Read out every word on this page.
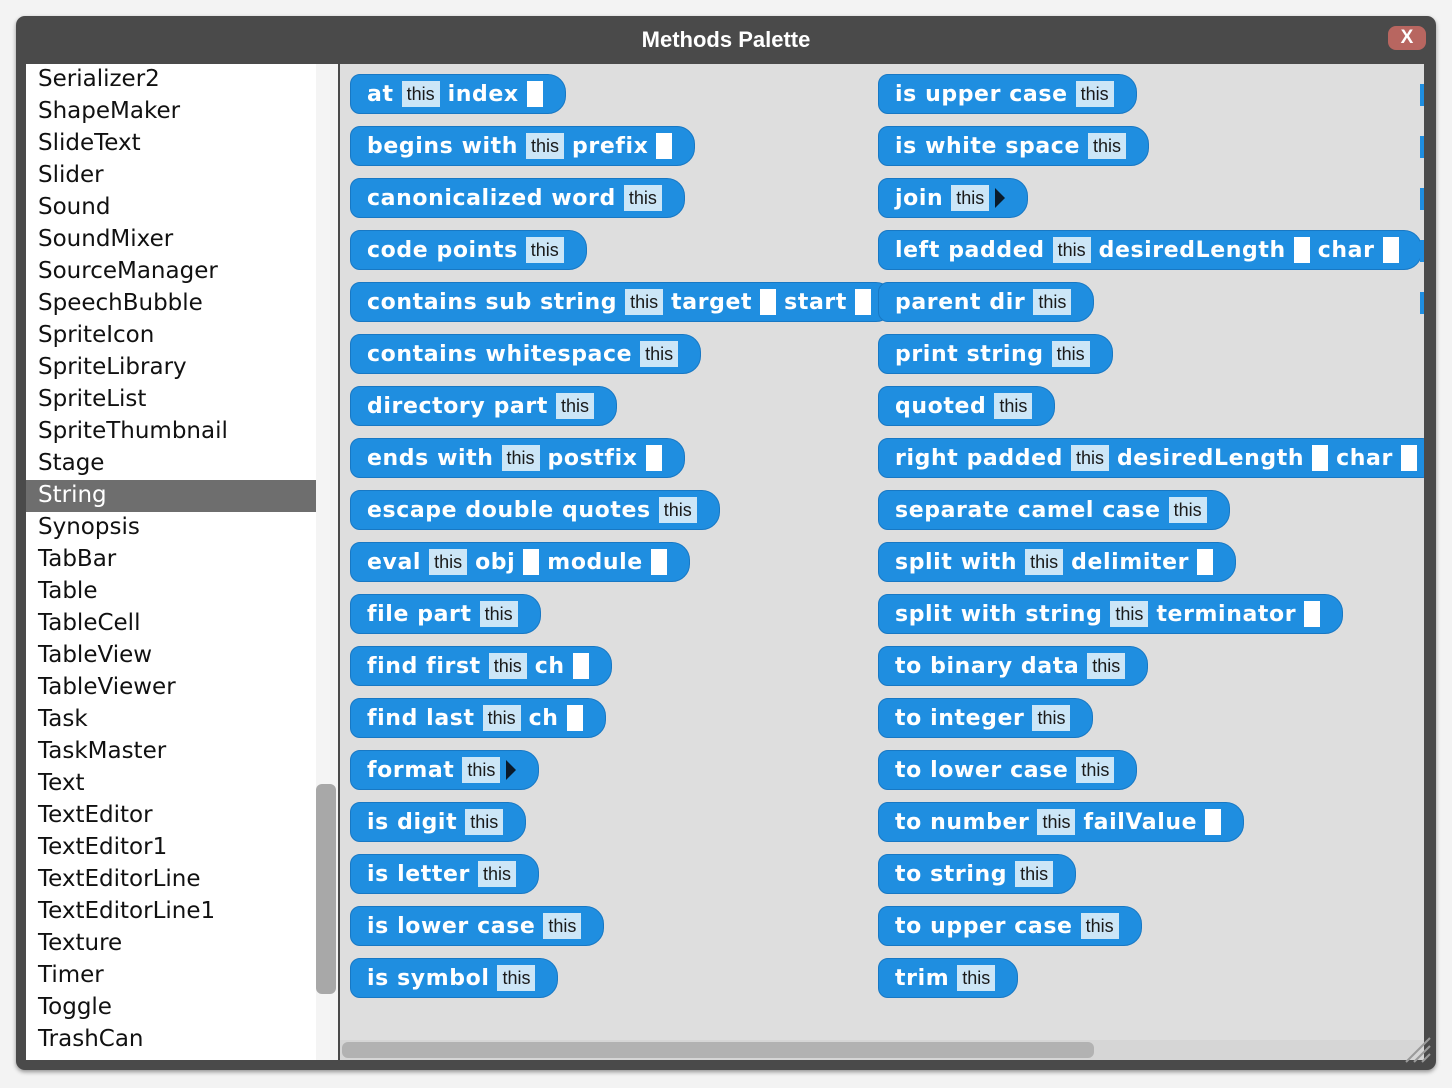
Methods Palette	X
Serializer2
ShapeMaker
SlideText
Slider
Sound
SoundMixer
SourceManager
SpeechBubble
SpriteIcon
SpriteLibrary
SpriteList
SpriteThumbnail
Stage
String
Synopsis
TabBar
Table
TableCell
TableView
TableViewer
Task
TaskMaster
Text
TextEditor
TextEditor1
TextEditorLine
TextEditorLine1
Texture
Timer
Toggle
TrashCan
at this index
begins with this prefix
canonicalized word this
code points this
contains sub string this target start
contains whitespace this
directory part this
ends with this postfix
escape double quotes this
eval this obj module
file part this
find first this ch
find last this ch
format this
is digit this
is letter this
is lower case this
is symbol this
is upper case this
is white space this
join this
left padded this desiredLength char
parent dir this
print string this
quoted this
right padded this desiredLength char
separate camel case this
split with this delimiter
split with string this terminator
to binary data this
to integer this
to lower case this
to number this failValue
to string this
to upper case this
trim this
